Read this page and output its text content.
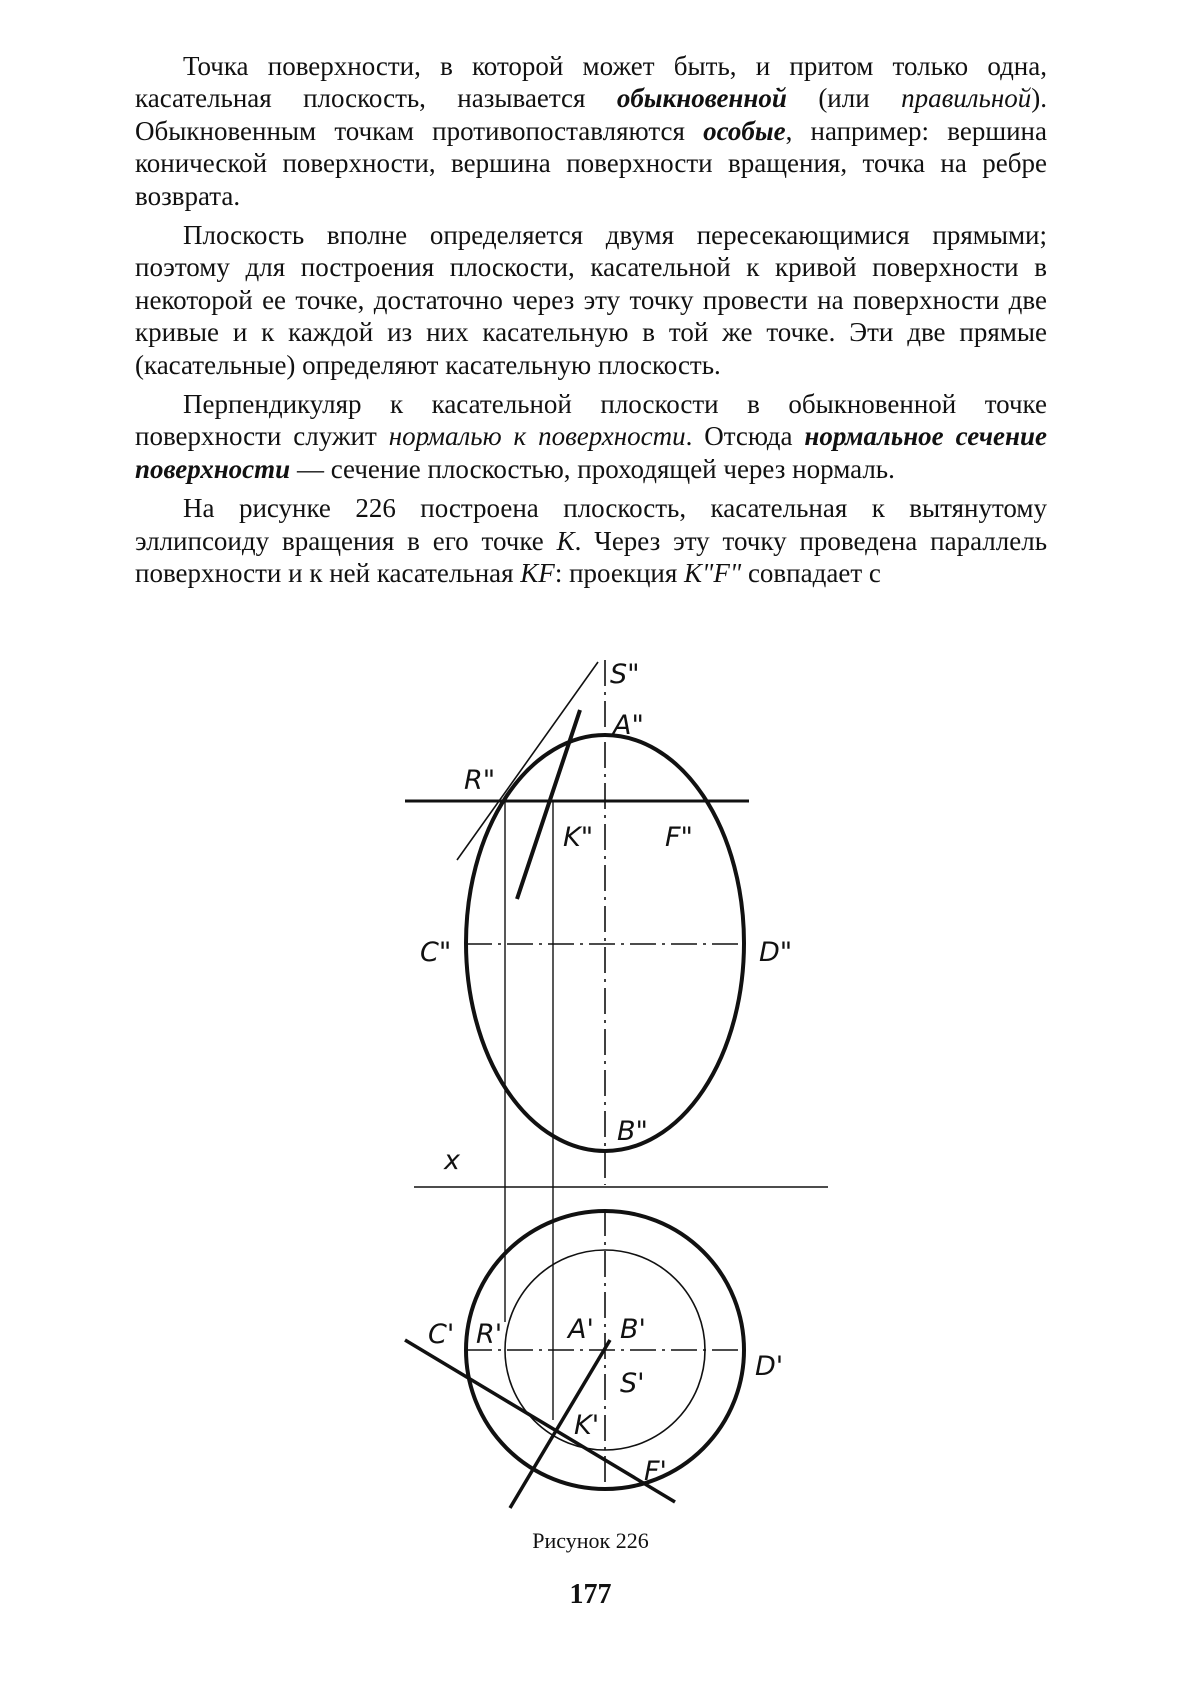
Точка поверхности, в которой может быть, и притом только одна, касательная плоскость, называется обыкновенной (или правильной). Обыкновенным точкам противопоставляются особые, например: вершина конической поверхности, вершина поверхности вращения, точка на ребре возврата.

Плоскость вполне определяется двумя пересекающимися прямыми; поэтому для построения плоскости, касательной к кривой поверхности в некоторой ее точке, достаточно через эту точку провести на поверхности две кривые и к каждой из них касательную в той же точке. Эти две прямые (касательные) определяют касательную плоскость.

Перпендикуляр к касательной плоскости в обыкновенной точке поверхности служит нормалью к поверхности. Отсюда нормальное сечение поверхности — сечение плоскостью, проходящей через нормаль.

На рисунке 226 построена плоскость, касательная к вытянутому эллипсоиду вращения в его точке K. Через эту точку проведена параллель поверхности и к ней касательная KF: проекция K"F" совпадает с

S"
A"
R"
K"	F"
C"	D"
B"
x
C' R' A' B'
D'
S'
K'
F'
Рисунок 226
177
